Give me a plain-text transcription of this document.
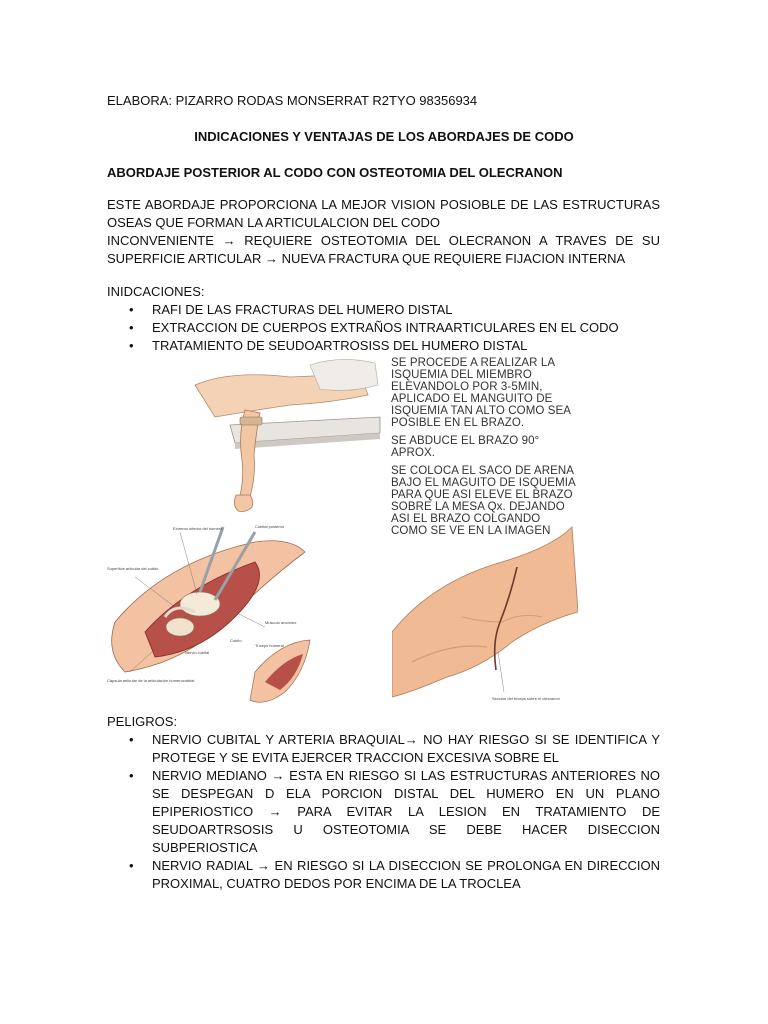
ELABORA: PIZARRO RODAS MONSERRAT R2TYO 98356934
INDICACIONES Y VENTAJAS DE LOS ABORDAJES DE CODO
ABORDAJE POSTERIOR AL CODO CON OSTEOTOMIA DEL OLECRANON
ESTE ABORDAJE PROPORCIONA LA MEJOR VISION POSIOBLE DE LAS ESTRUCTURAS OSEAS QUE FORMAN LA ARTICULALCION DEL CODO
INCONVENIENTE → REQUIERE OSTEOTOMIA DEL OLECRANON A TRAVES DE SU SUPERFICIE ARTICULAR → NUEVA FRACTURA QUE REQUIERE FIJACION INTERNA
INIDCACIONES:
• RAFI DE LAS FRACTURAS DEL HUMERO DISTAL
• EXTRACCION DE CUERPOS EXTRAÑOS INTRAARTICULARES EN EL CODO
• TRATAMIENTO DE SEUDOARTROSISS DEL HUMERO DISTAL

SE PROCEDE A REALIZAR LA ISQUEMIA DEL MIEMBRO ELEVANDOLO POR 3-5MIN, APLICADO EL MANGUITO DE ISQUEMIA TAN ALTO COMO SEA POSIBLE EN EL BRAZO.

SE ABDUCE EL BRAZO 90° APROX.

SE COLOCA EL SACO DE ARENA BAJO EL MAGUITO DE ISQUEMIA PARA QUE ASI ELEVE EL BRAZO SOBRE LA MESA Qx. DEJANDO ASI EL BRAZO COLGANDO COMO SE VE EN LA IMAGEN

Extremo inferior del humero	Cubital posterior
Superficie articular del cubito
Musculo ancóneo
Cubito
Nervio cubital
Tríceps humeral
Cápsula articular de la articulación humerocubital
Sección del tríceps sobre el olécranon
PELIGROS:
• NERVIO CUBITAL Y ARTERIA BRAQUIAL→ NO HAY RIESGO SI SE IDENTIFICA Y PROTEGE Y SE EVITA EJERCER TRACCION EXCESIVA SOBRE EL
• NERVIO MEDIANO → ESTA EN RIESGO SI LAS ESTRUCTURAS ANTERIORES NO SE DESPEGAN D ELA PORCION DISTAL DEL HUMERO EN UN PLANO EPIPERIOSTICO → PARA EVITAR LA LESION EN TRATAMIENTO DE SEUDOARTRSOSIS U OSTEOTOMIA SE DEBE HACER DISECCION SUBPERIOSTICA
• NERVIO RADIAL → EN RIESGO SI LA DISECCION SE PROLONGA EN DIRECCION PROXIMAL, CUATRO DEDOS POR ENCIMA DE LA TROCLEA
